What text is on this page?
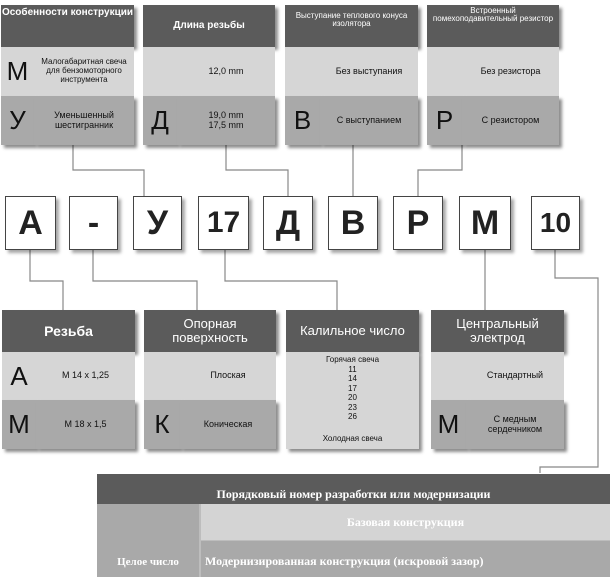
Особенности конструкции
М	Малогабаритная свеча для бензомоторного инструмента
У	Уменьшенный шестигранник
Длина резьбы
12,0 mm
Д	19,0 mm
17,5 mm
Выступание теплового конуса изолятора
Без выступания
В	С выступанием
Встроенный помехоподавительный резистор
Без резистора
Р	С резистором
А - У 17 Д В Р М 10
Резьба
А	М 14 х 1,25
М	М 18 х 1,5
Опорная поверхность
Плоская
К	Коническая
Калильное число
Горячая свеча
11
14
17
20
23
26
Холодная свеча
Центральный электрод
Стандартный
М	С медным сердечником
Порядковый номер разработки или модернизации
Базовая конструкция
Модернизированная конструкция (искровой зазор)
Целое число
